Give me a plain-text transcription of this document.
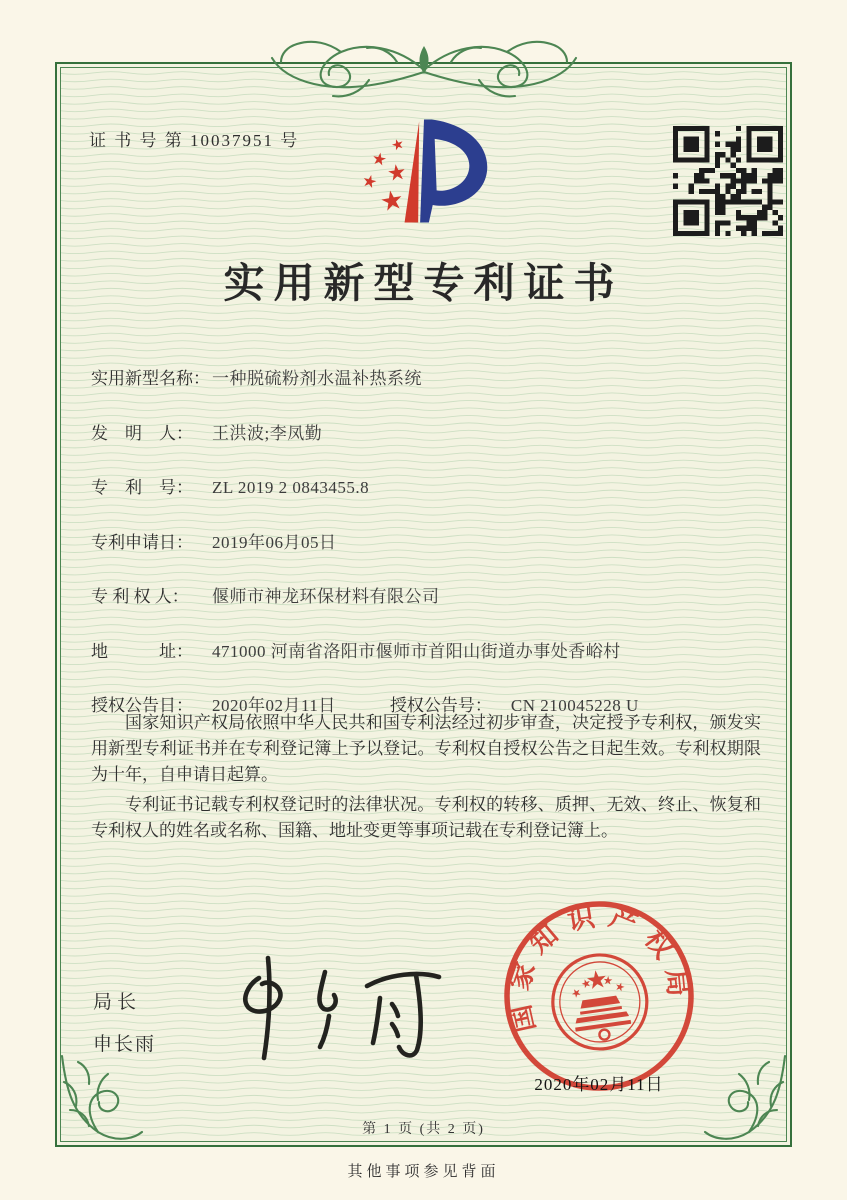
证 书 号 第 10037951 号
实用新型专利证书
实用新型名称： 一种脱硫粉剂水温补热系统
发　明　人：	王洪波;李凤勤
专　利　号：	ZL 2019 2 0843455.8
专利申请日：	2019年06月05日
专 利 权 人：	偃师市神龙环保材料有限公司
地　　　址：	471000 河南省洛阳市偃师市首阳山街道办事处香峪村
授权公告日：	2020年02月11日	授权公告号：	CN 210045228 U

国家知识产权局依照中华人民共和国专利法经过初步审查，决定授予专利权，颁发实用新型专利证书并在专利登记簿上予以登记。专利权自授权公告之日起生效。专利权期限为十年，自申请日起算。

专利证书记载专利权登记时的法律状况。专利权的转移、质押、无效、终止、恢复和专利权人的姓名或名称、国籍、地址变更等事项记载在专利登记簿上。

局长
申长雨
国家知识产权局
2020年02月11日
第 1 页 (共 2 页)
其他事项参见背面
